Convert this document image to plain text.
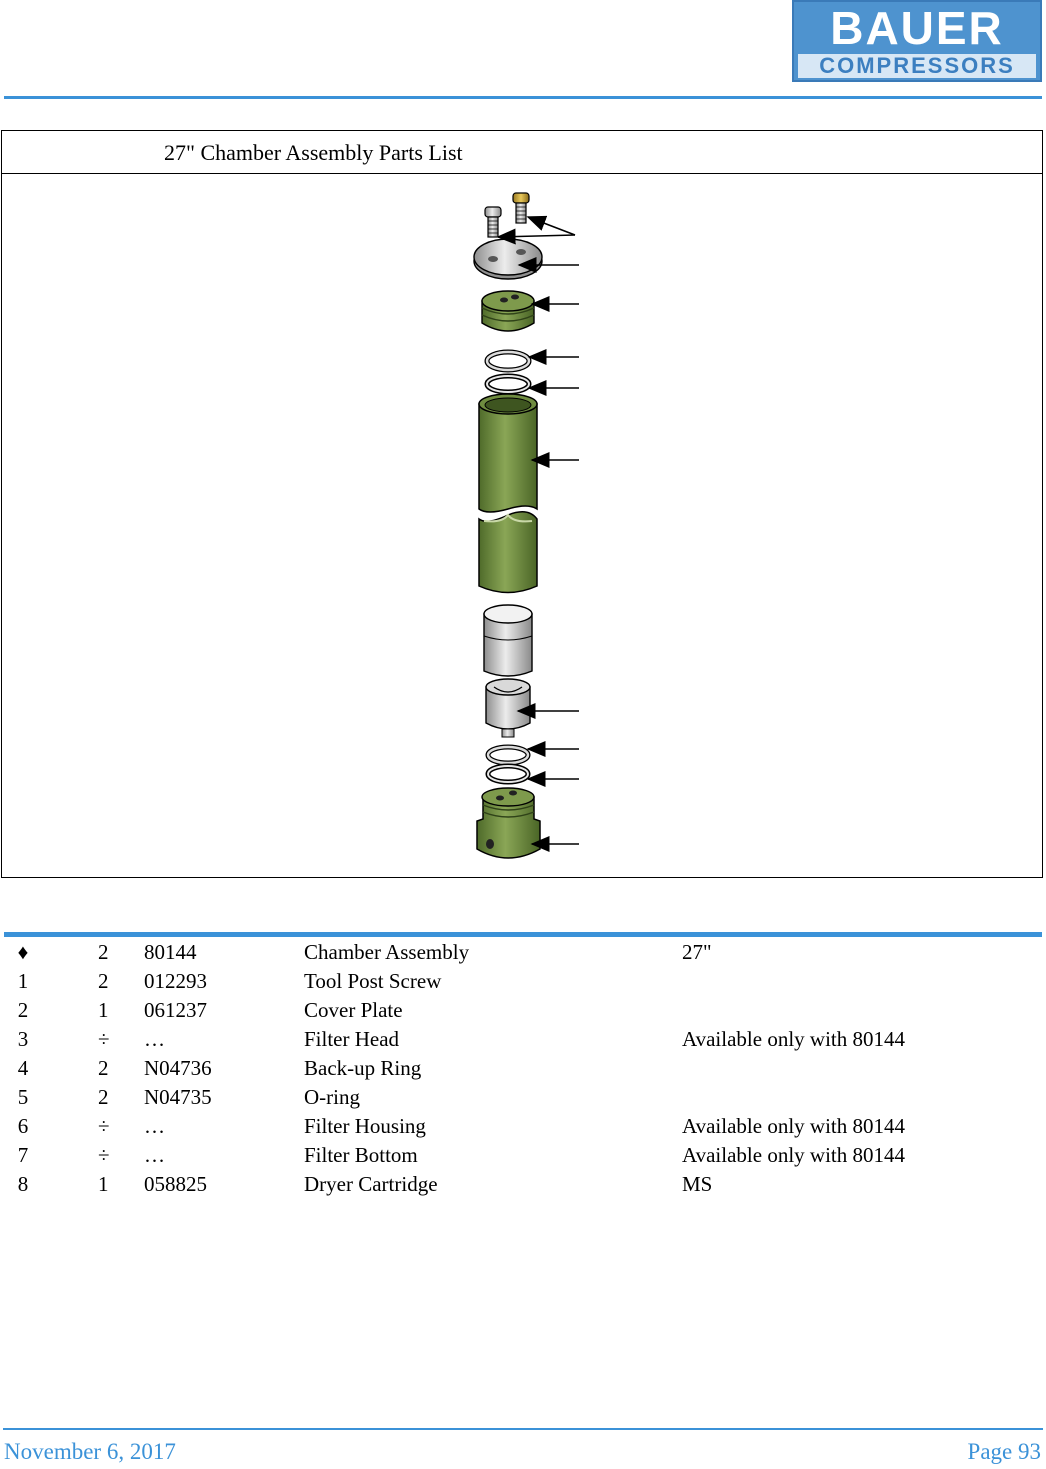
BAUER
COMPRESSORS
27" Chamber Assembly Parts List
♦	2	80144	Chamber Assembly	27"
1	2	012293	Tool Post Screw	
2	1	061237	Cover Plate	
3	÷	…	Filter Head	Available only with 80144
4	2	N04736	Back-up Ring	
5	2	N04735	O-ring	
6	÷	…	Filter Housing	Available only with 80144
7	÷	…	Filter Bottom	Available only with 80144
8	1	058825	Dryer Cartridge	MS
November 6, 2017	Page 93
